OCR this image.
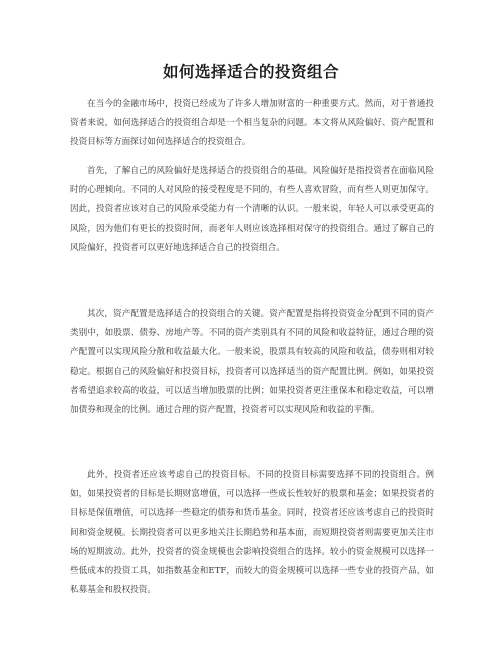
如何选择适合的投资组合

在当今的金融市场中，投资已经成为了许多人增加财富的一种重要方式。然而，对于普通投资者来说，如何选择适合的投资组合却是一个相当复杂的问题。本文将从风险偏好、资产配置和投资目标等方面探讨如何选择适合的投资组合。

首先，了解自己的风险偏好是选择适合的投资组合的基础。风险偏好是指投资者在面临风险时的心理倾向。不同的人对风险的接受程度是不同的，有些人喜欢冒险，而有些人则更加保守。因此，投资者应该对自己的风险承受能力有一个清晰的认识。一般来说，年轻人可以承受更高的风险，因为他们有更长的投资时间，而老年人则应该选择相对保守的投资组合。通过了解自己的风险偏好，投资者可以更好地选择适合自己的投资组合。

其次，资产配置是选择适合的投资组合的关键。资产配置是指将投资资金分配到不同的资产类别中，如股票、债券、房地产等。不同的资产类别具有不同的风险和收益特征，通过合理的资产配置可以实现风险分散和收益最大化。一般来说，股票具有较高的风险和收益，债券则相对较稳定。根据自己的风险偏好和投资目标，投资者可以选择适当的资产配置比例。例如，如果投资者希望追求较高的收益，可以适当增加股票的比例；如果投资者更注重保本和稳定收益，可以增加债券和现金的比例。通过合理的资产配置，投资者可以实现风险和收益的平衡。

此外，投资者还应该考虑自己的投资目标。不同的投资目标需要选择不同的投资组合。例如，如果投资者的目标是长期财富增值，可以选择一些成长性较好的股票和基金；如果投资者的目标是保值增值，可以选择一些稳定的债券和货币基金。同时，投资者还应该考虑自己的投资时间和资金规模。长期投资者可以更多地关注长期趋势和基本面，而短期投资者则需要更加关注市场的短期波动。此外，投资者的资金规模也会影响投资组合的选择。较小的资金规模可以选择一些低成本的投资工具，如指数基金和ETF，而较大的资金规模可以选择一些专业的投资产品，如私募基金和股权投资。
